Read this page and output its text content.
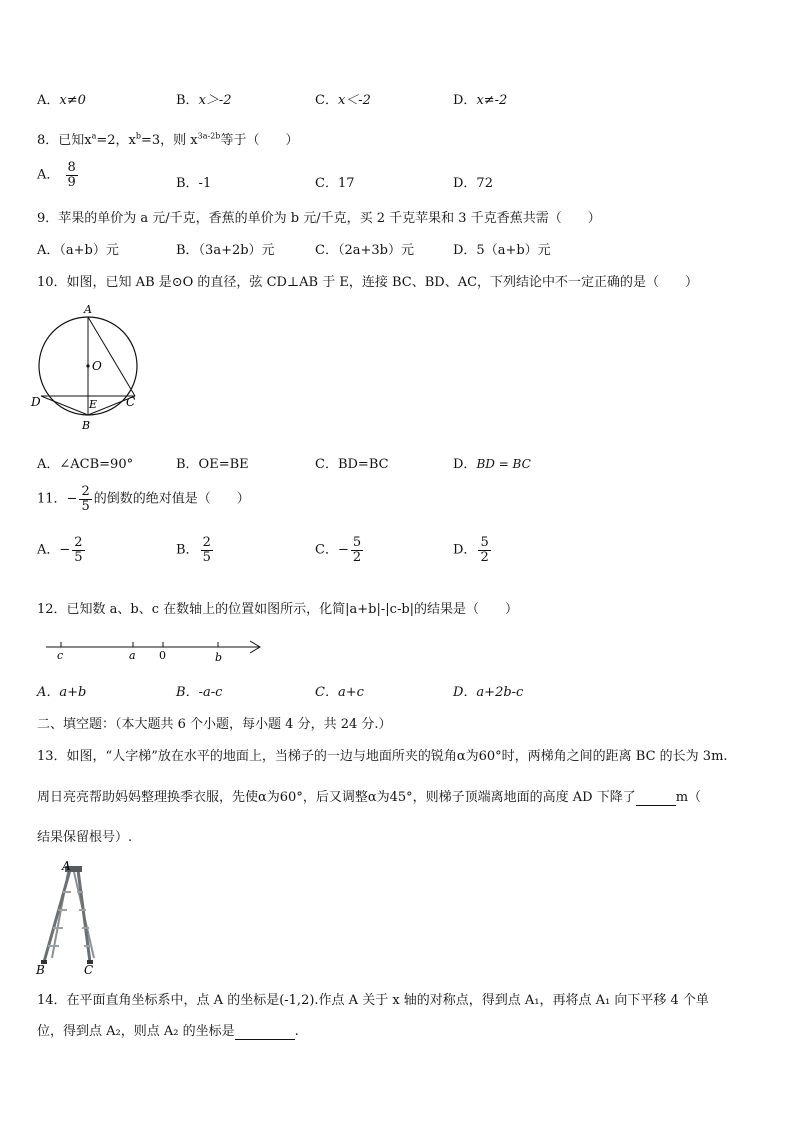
A．x≠0	B．x＞-2	C．x＜-2	D．x≠-2
8．已知$x^a=2$，$x^b=3$，则 $x^{3a-2b}$等于（　　）
A． $\frac{8}{9}$	B．-1	C．17	D．72
9．苹果的单价为 a 元/千克，香蕉的单价为 b 元/千克，买 2 千克苹果和 3 千克香蕉共需（　　）
A．（a+b）元	B．（3a+2b）元	C．（2a+3b）元	D．5（a+b）元
10．如图，已知 AB 是⊙O 的直径，弦 CD⊥AB 于 E，连接 BC、BD、AC，下列结论中不一定正确的是（　　）
A
O
D	E C
B
A．∠ACB=90°	B．OE=BE	C．BD=BC	D．BD = BC
11．− $\frac{2}{5}$ 的倒数的绝对值是（　　）
A．− $\frac{2}{5}$	B． $\frac{2}{5}$	C．− $\frac{5}{2}$	D． $\frac{5}{2}$
12．已知数 a、b、c 在数轴上的位置如图所示，化简|a+b|-|c-b|的结果是（　　）
c	a 0	b
A．a+b	B．-a-c	C．a+c	D．a+2b-c
二、填空题：（本大题共 6 个小题，每小题 4 分，共 24 分.）
13．如图，“人字梯”放在水平的地面上，当梯子的一边与地面所夹的锐角α为60°时，两梯角之间的距离 BC 的长为 3m.
周日亮亮帮助妈妈整理换季衣服，先使α为60°，后又调整α为45°，则梯子顶端离地面的高度 AD 下降了	m（
结果保留根号）.
A
B	C
14．在平面直角坐标系中，点 A 的坐标是(-1,2).作点 A 关于 x 轴的对称点，得到点 A₁，再将点 A₁ 向下平移 4 个单
位，得到点 A₂，则点 A₂ 的坐标是	.
